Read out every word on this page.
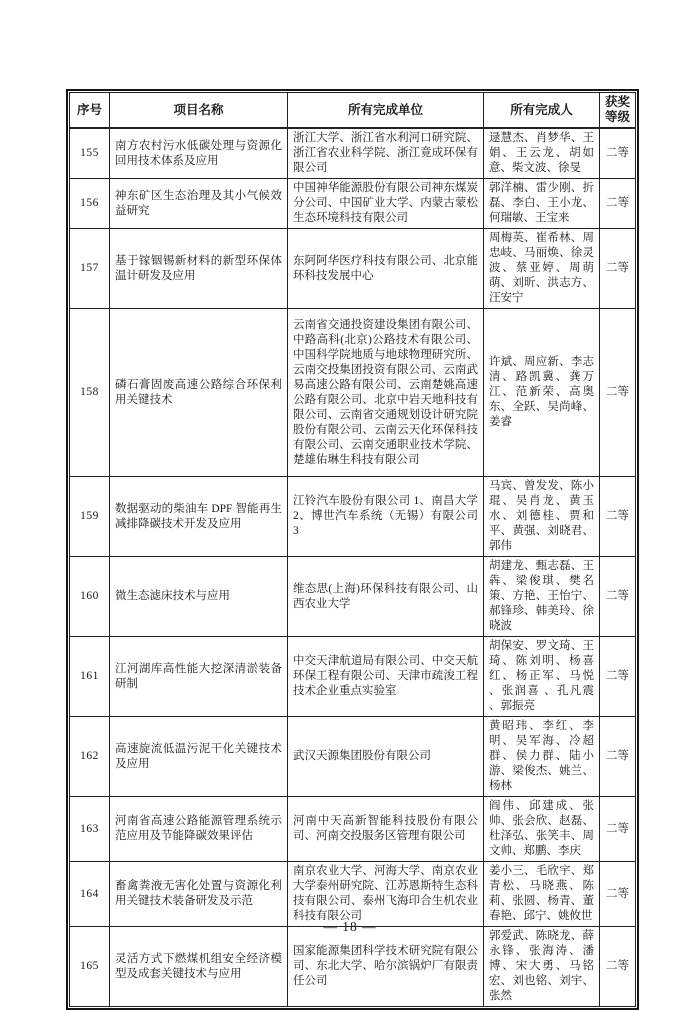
序号	项目名称	所有完成单位	所有完成人	获奖等级
155	南方农村污水低碳处理与资源化回用技术体系及应用	浙江大学、浙江省水利河口研究院、浙江省农业科学院、浙江竟成环保有限公司	逯慧杰、肖梦华、王娟、王云龙、胡如意、柴文波、徐旻	二等
156	神东矿区生态治理及其小气候效益研究	中国神华能源股份有限公司神东煤炭分公司、中国矿业大学、内蒙古蒙松生态环境科技有限公司	郭洋楠、雷少刚、折磊、李白、王小龙、何瑞敏、王宝来	二等
157	基于镓铟锡新材料的新型环保体温计研发及应用	东阿阿华医疗科技有限公司、北京能环科技发展中心	周梅英、崔希林、周忠岐、马丽焕、徐灵波、蔡亚婷、周萌萌、刘昕、洪志方、汪安宁	二等
158	磷石膏固废高速公路综合环保利用关键技术	云南省交通投资建设集团有限公司、中路高科(北京)公路技术有限公司、中国科学院地质与地球物理研究所、云南交投集团投资有限公司、云南武易高速公路有限公司、云南楚姚高速公路有限公司、北京中岩天地科技有限公司、云南省交通规划设计研究院股份有限公司、云南云天化环保科技有限公司、云南交通职业技术学院、楚雄佑琳生科技有限公司	许斌、周应新、李志清、路凯冀、龚万江、范新荣、高奥东、全跃、吴尚峰、姜睿	二等
159	数据驱动的柴油车 DPF 智能再生减排降碳技术开发及应用	江铃汽车股份有限公司 1、南昌大学 2、博世汽车系统（无锡）有限公司 3	马宾、曾发发、陈小琨、吴肖龙、黄玉水、刘德桂、贾和平、黄强、刘晓君、郭伟	二等
160	微生态滤床技术与应用	维态思(上海)环保科技有限公司、山西农业大学	胡建龙、甄志磊、王犇、梁俊琪、樊名策、方艳、王怡宁、郝锋珍、韩美玲、徐晓波	二等
161	江河湖库高性能大挖深清淤装备研制	中交天津航道局有限公司、中交天航环保工程有限公司、天津市疏浚工程技术企业重点实验室	胡保安、罗文琦、王琦、陈刘明、杨喜红、杨正军、马悦 、张润喜 、孔凡震 、郭振亮	二等
162	高速旋流低温污泥干化关键技术及应用	武汉天源集团股份有限公司	黄昭玮、李红、李明、吴军海、冷超群、侯力群、陆小游、梁俊杰、姚兰、杨林	二等
163	河南省高速公路能源管理系统示范应用及节能降碳效果评估	河南中天高新智能科技股份有限公司、河南交投服务区管理有限公司	阎伟、邱建成、张帅、张会欣、赵磊、杜泽弘、张笑丰、周文帅、郑鹏、李庆	二等
164	畜禽粪液无害化处置与资源化利用关键技术装备研发及示范	南京农业大学、河海大学、南京农业大学泰州研究院、江苏恩斯特生态科技有限公司、泰州飞海印合生机农业科技有限公司	姜小三、毛欣宇、郑青松、马晓燕、陈莉、张圆、杨青、董春艳、邱宁、姚攸世	二等
165	灵活方式下燃煤机组安全经济模型及成套关键技术与应用	国家能源集团科学技术研究院有限公司、东北大学、哈尔滨锅炉厂有限责任公司	郭爱武、陈晓龙、薛永锋、张海涛、潘博、宋大勇、马铭宏、刘也铭、刘宇、张然	二等
— 18 —
